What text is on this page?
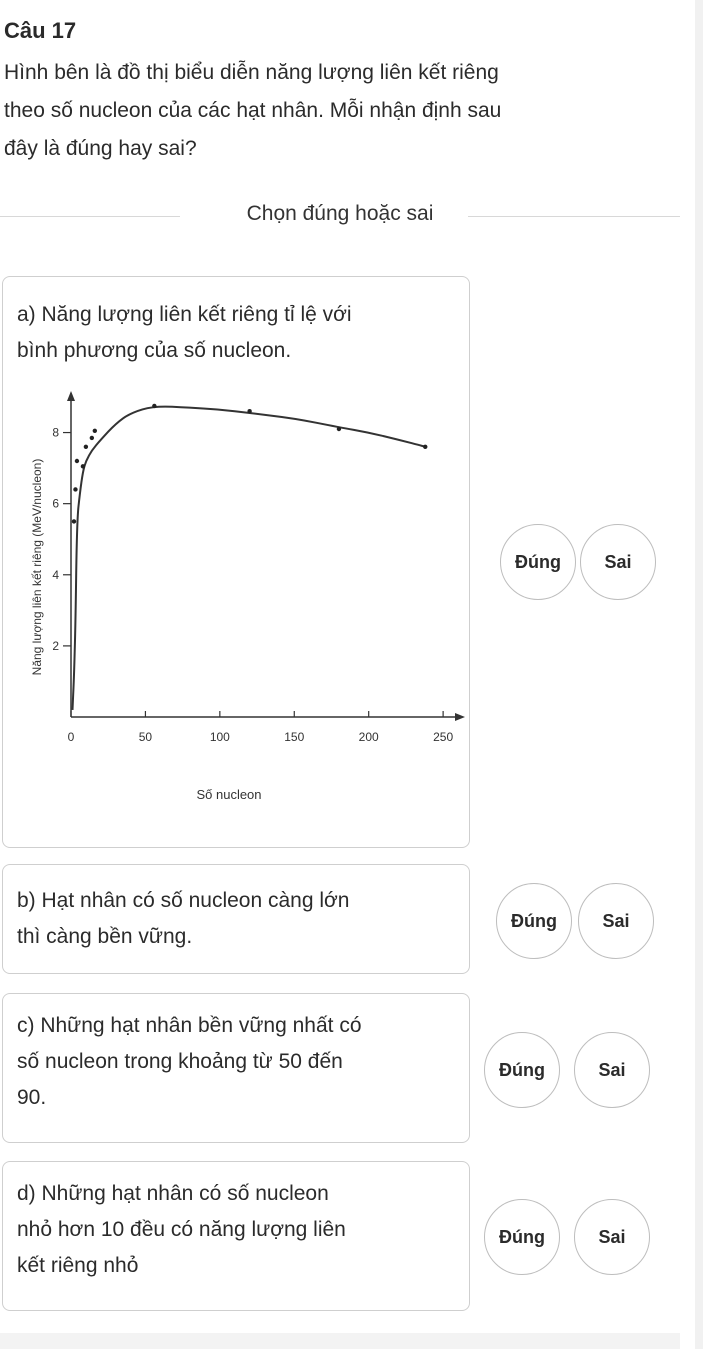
Câu 17
Hình bên là đồ thị biểu diễn năng lượng liên kết riêng
theo số nucleon của các hạt nhân. Mỗi nhận định sau
đây là đúng hay sai?
Chọn đúng hoặc sai
a) Năng lượng liên kết riêng tỉ lệ với
bình phương của số nucleon.
2
4
6
8
0	50	100	150	200	250
Số nucleon
Năng lượng liên kết riêng (MeV/nucleon)	Đúng	Sai
b) Hạt nhân có số nucleon càng lớn
thì càng bền vững.
Đúng	Sai
c) Những hạt nhân bền vững nhất có
số nucleon trong khoảng từ 50 đến
90.
Đúng	Sai
d) Những hạt nhân có số nucleon
nhỏ hơn 10 đều có năng lượng liên
kết riêng nhỏ
Đúng	Sai
